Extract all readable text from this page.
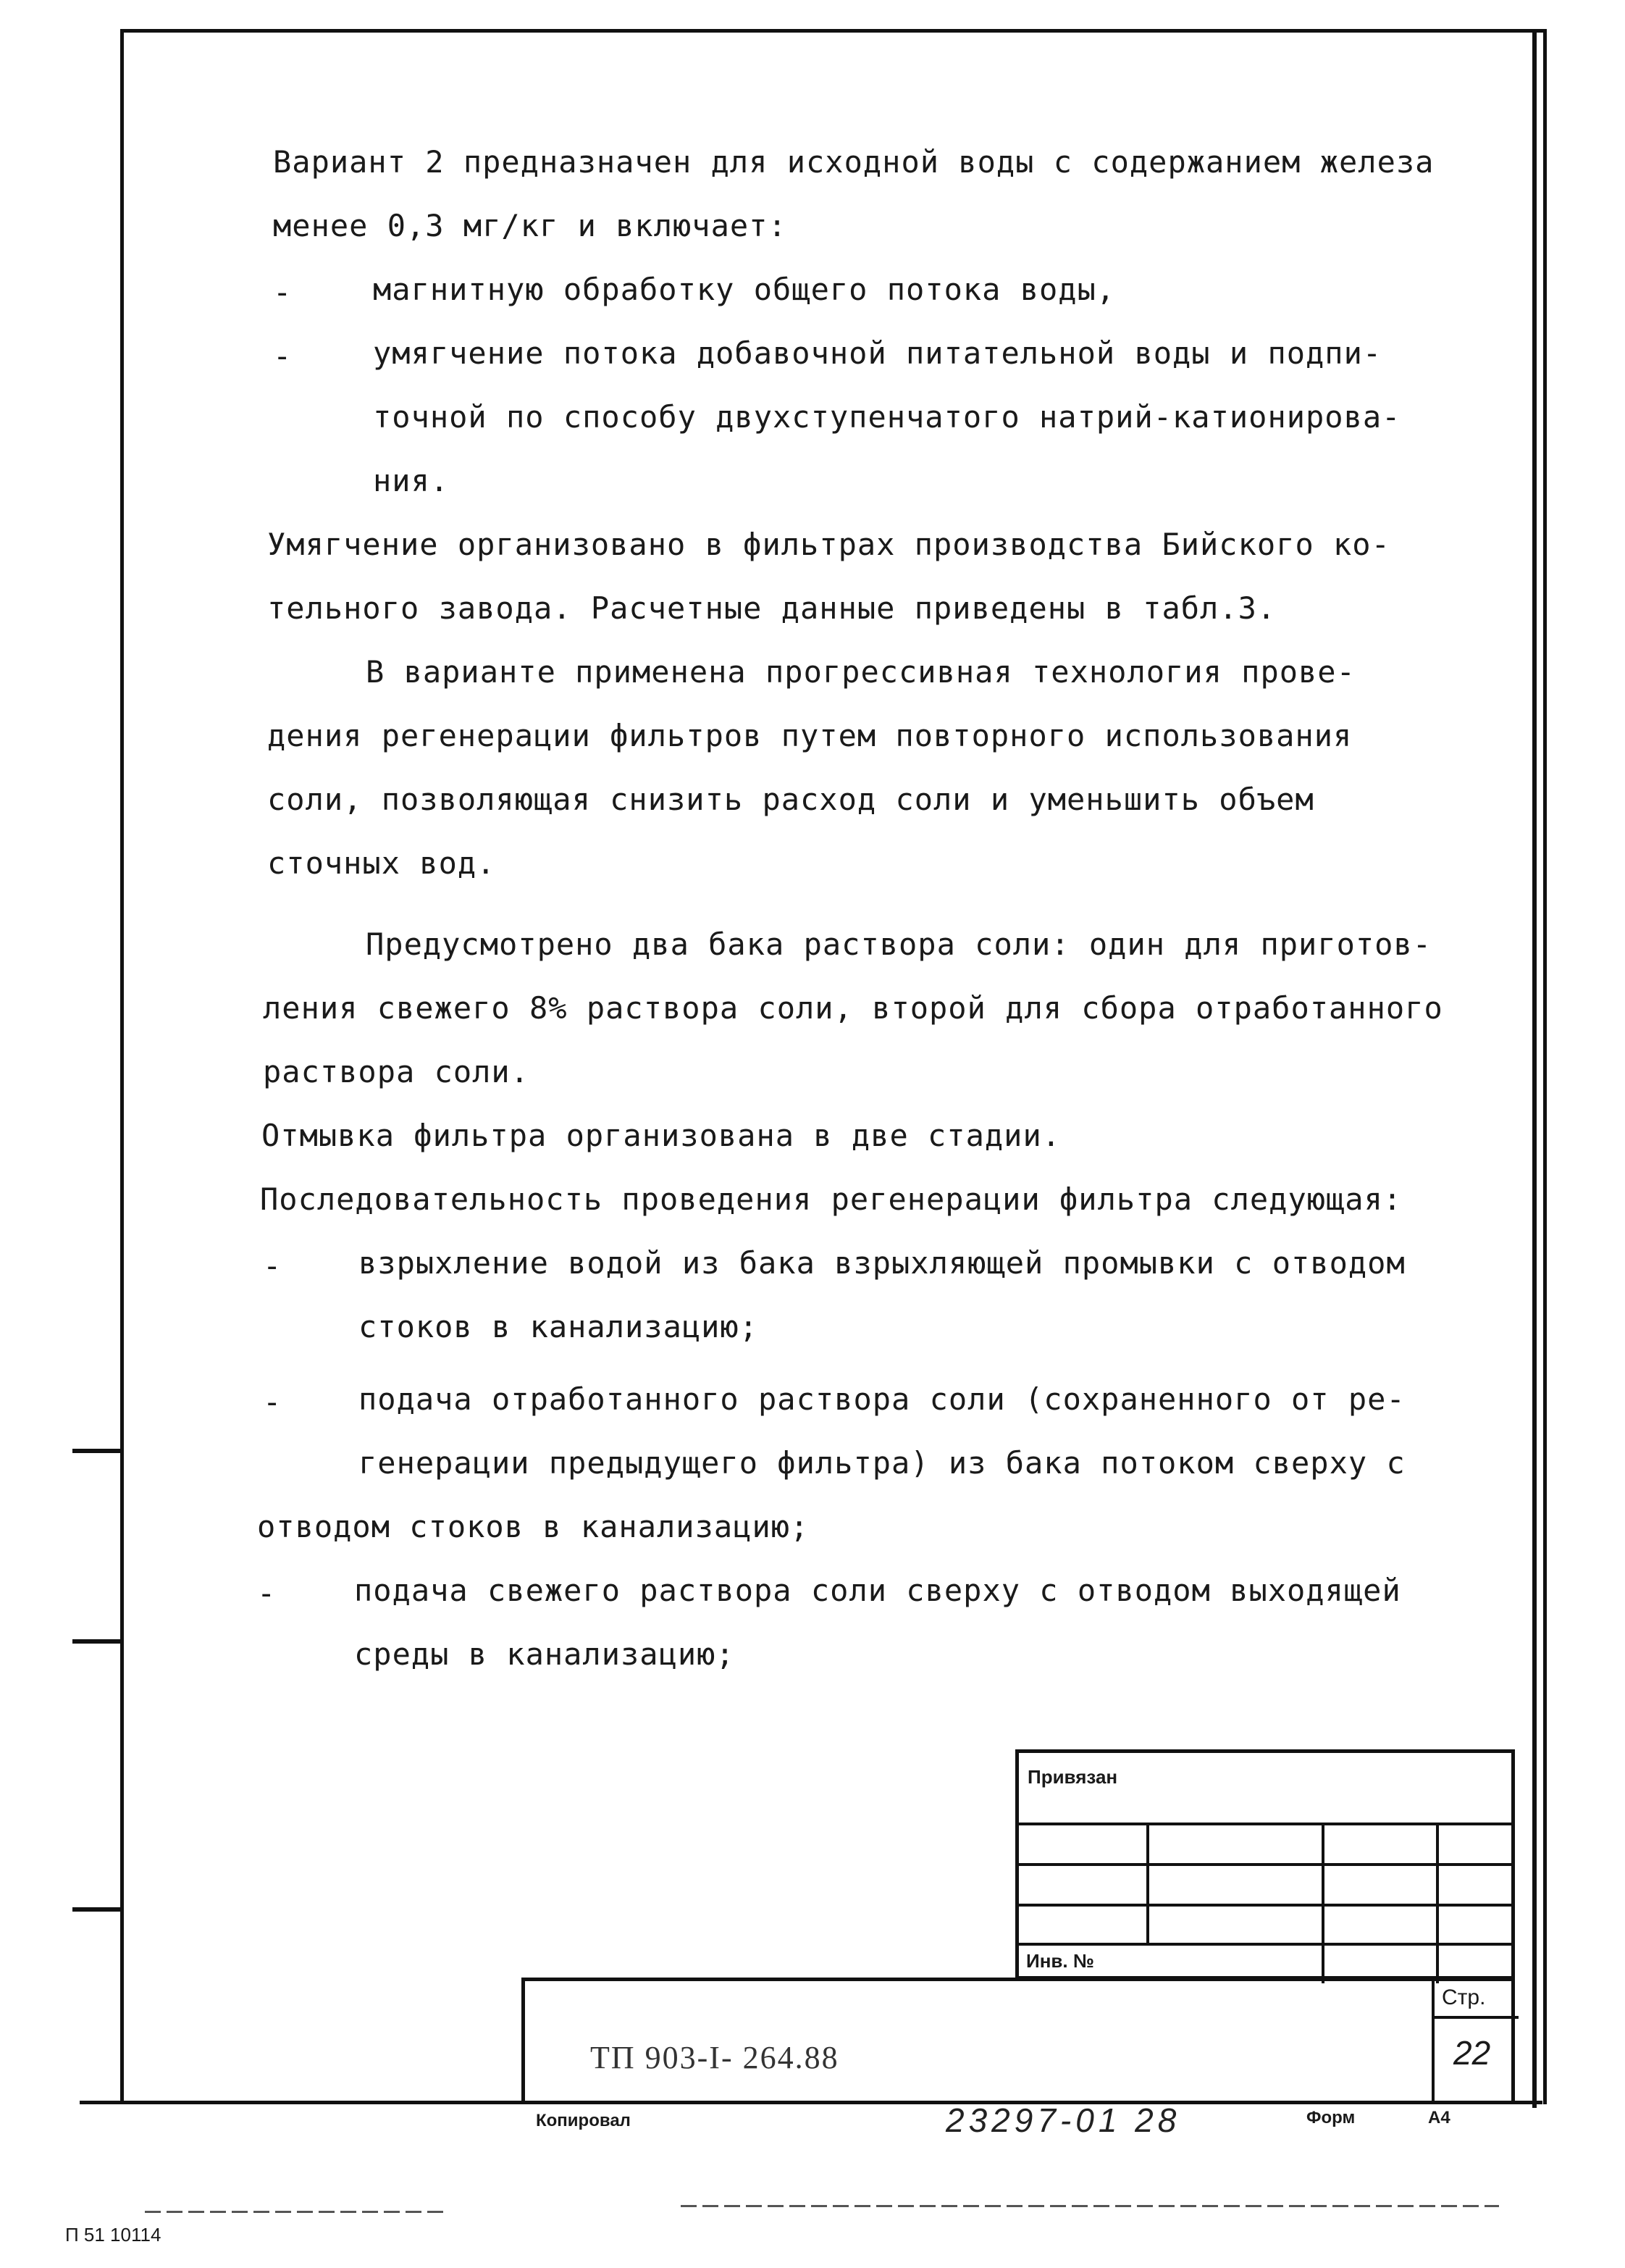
Вариант 2 предназначен для исходной воды с содержанием железа
менее 0,3 мг/кг и включает:
-	магнитную обработку общего потока воды,
-	умягчение потока добавочной питательной воды и подпи-
точной по способу двухступенчатого натрий-катионирова-
ния.
Умягчение организовано в фильтрах производства Бийского ко-
тельного завода. Расчетные данные приведены в табл.3.
В варианте применена прогрессивная технология прове-
дения регенерации фильтров путем повторного использования
соли, позволяющая снизить расход соли и уменьшить объем
сточных вод.
Предусмотрено два бака раствора соли: один для приготов-
ления свежего 8% раствора соли, второй для сбора отработанного
раствора соли.
Отмывка фильтра организована в две стадии.
Последовательность проведения регенерации фильтра следующая:
-	взрыхление водой из бака взрыхляющей промывки с отводом
стоков в канализацию;
-	подача отработанного раствора соли (сохраненного от ре-
генерации предыдущего фильтра) из бака потоком сверху с
отводом стоков в канализацию;
-	подача свежего раствора соли сверху с отводом выходящей
среды в канализацию;
Привязан
Инв. №
Стр.
22
ТП 903-I- 264.88
Копировал	23297-01 28	Форм	А4
П 51 10114
